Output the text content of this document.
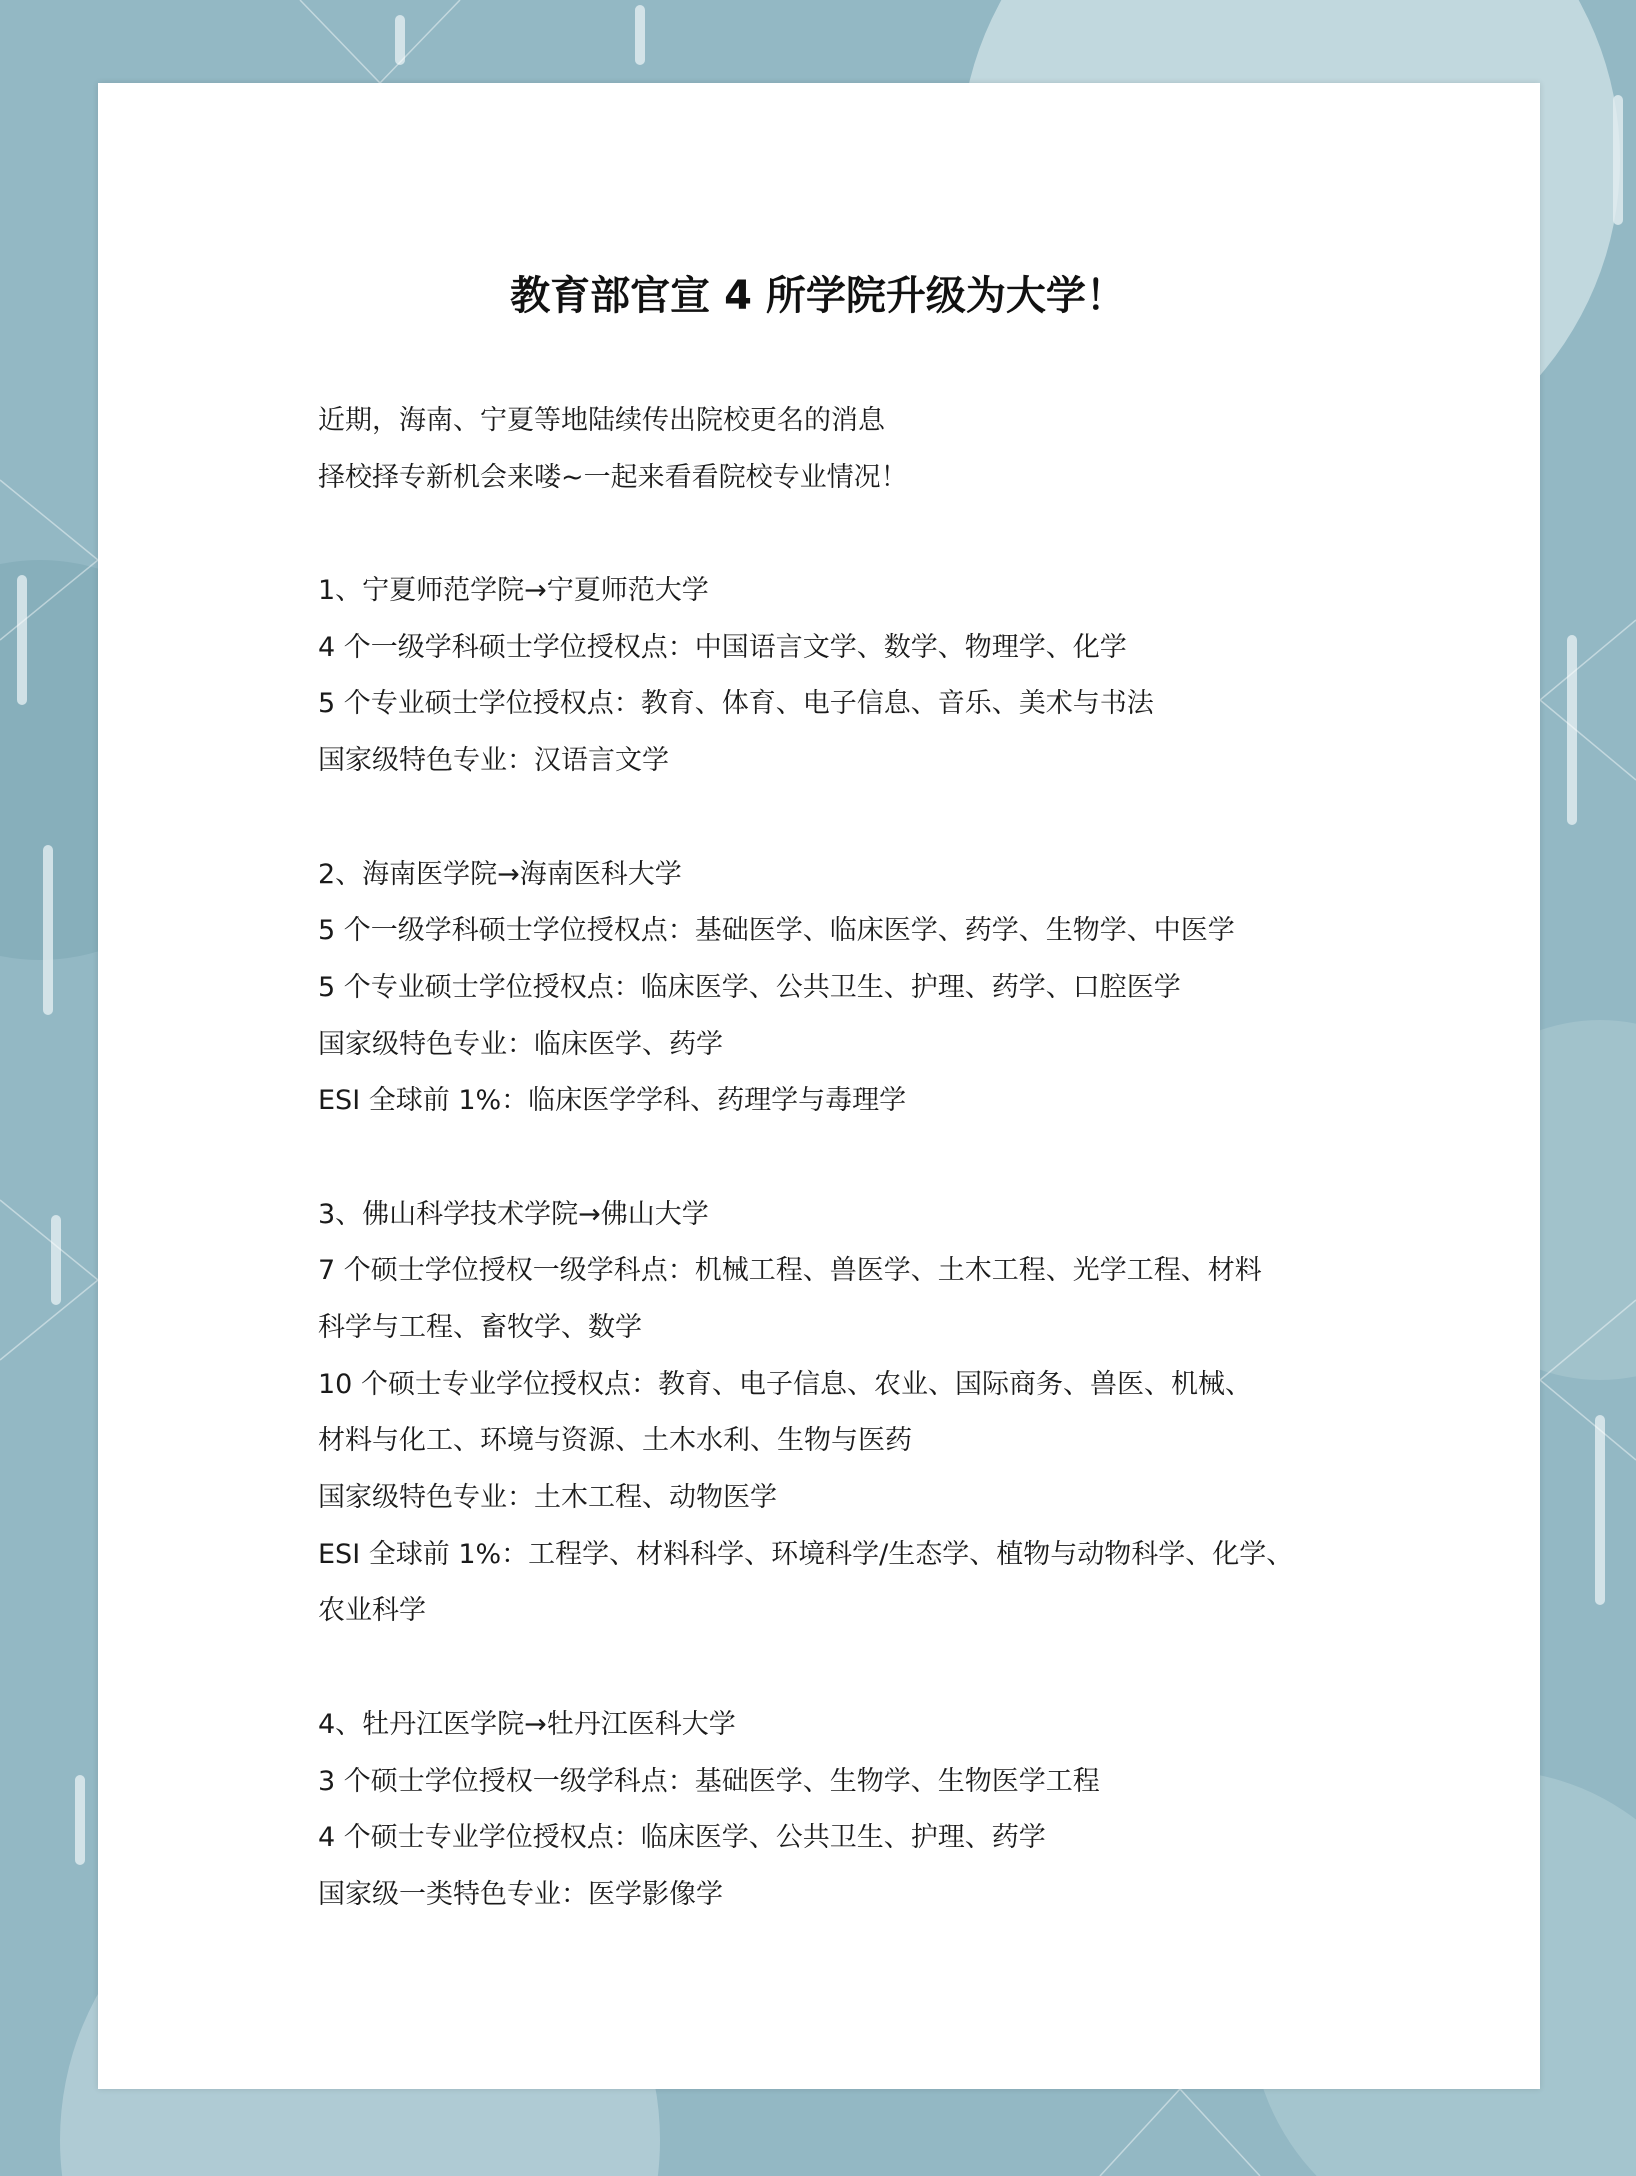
教育部官宣 4 所学院升级为大学！

近期，海南、宁夏等地陆续传出院校更名的消息

择校择专新机会来喽~一起来看看院校专业情况！

1、宁夏师范学院→宁夏师范大学

4 个一级学科硕士学位授权点：中国语言文学、数学、物理学、化学

5 个专业硕士学位授权点：教育、体育、电子信息、音乐、美术与书法

国家级特色专业：汉语言文学

2、海南医学院→海南医科大学

5 个一级学科硕士学位授权点：基础医学、临床医学、药学、生物学、中医学

5 个专业硕士学位授权点：临床医学、公共卫生、护理、药学、口腔医学

国家级特色专业：临床医学、药学

ESI 全球前 1%：临床医学学科、药理学与毒理学

3、佛山科学技术学院→佛山大学

7 个硕士学位授权一级学科点：机械工程、兽医学、土木工程、光学工程、材料

科学与工程、畜牧学、数学

10 个硕士专业学位授权点：教育、电子信息、农业、国际商务、兽医、机械、

材料与化工、环境与资源、土木水利、生物与医药

国家级特色专业：土木工程、动物医学

ESI 全球前 1%：工程学、材料科学、环境科学/生态学、植物与动物科学、化学、

农业科学

4、牡丹江医学院→牡丹江医科大学

3 个硕士学位授权一级学科点：基础医学、生物学、生物医学工程

4 个硕士专业学位授权点：临床医学、公共卫生、护理、药学

国家级一类特色专业：医学影像学
